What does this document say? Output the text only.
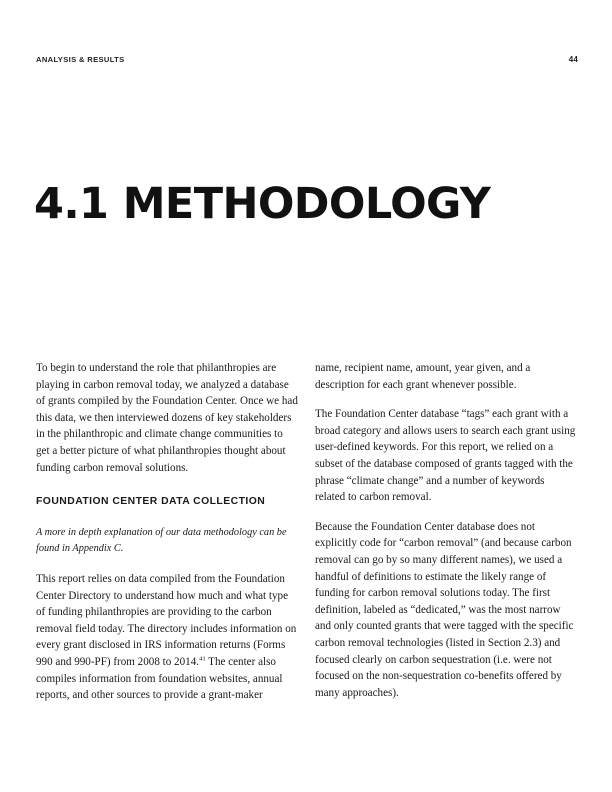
ANALYSIS & RESULTS	44
4.1 METHODOLOGY

To begin to understand the role that philanthropies are playing in carbon removal today, we analyzed a database of grants compiled by the Foundation Center. Once we had this data, we then interviewed dozens of key stakeholders in the philanthropic and climate change communities to get a better picture of what philanthropies thought about funding carbon removal solutions.

FOUNDATION CENTER DATA COLLECTION

A more in depth explanation of our data methodology can be found in Appendix C.

This report relies on data compiled from the Foundation Center Directory to understand how much and what type of funding philanthropies are providing to the carbon removal field today. The directory includes information on every grant disclosed in IRS information returns (Forms 990 and 990-PF) from 2008 to 2014.41 The center also compiles information from foundation websites, annual reports, and other sources to provide a grant-maker

name, recipient name, amount, year given, and a description for each grant whenever possible.

The Foundation Center database “tags” each grant with a broad category and allows users to search each grant using user-defined keywords. For this report, we relied on a subset of the database composed of grants tagged with the phrase “climate change” and a number of keywords related to carbon removal.

Because the Foundation Center database does not explicitly code for “carbon removal” (and because carbon removal can go by so many different names), we used a handful of definitions to estimate the likely range of funding for carbon removal solutions today. The first definition, labeled as “dedicated,” was the most narrow and only counted grants that were tagged with the specific carbon removal technologies (listed in Section 2.3) and focused clearly on carbon sequestration (i.e. were not focused on the non-sequestration co-benefits offered by many approaches).
